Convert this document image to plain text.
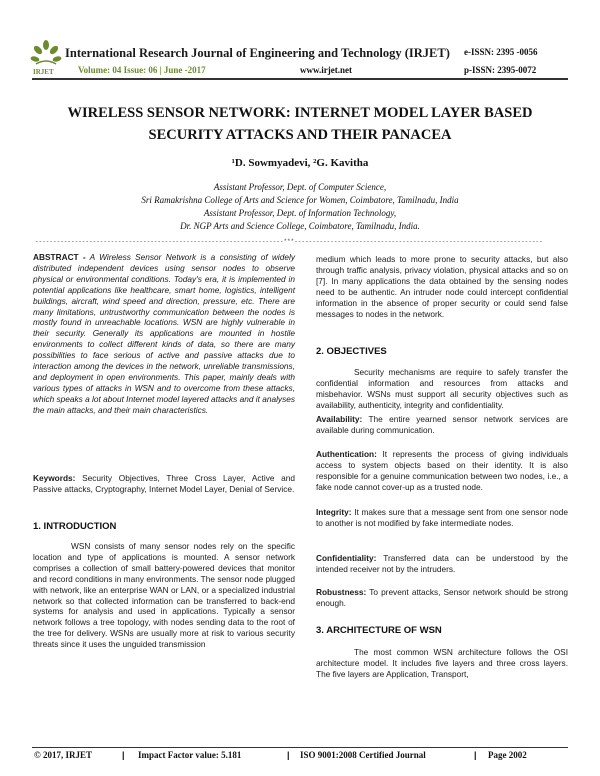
IRJET
International Research Journal of Engineering and Technology (IRJET)
Volume: 04 Issue: 06 | June -2017	www.irjet.net
e-ISSN: 2395 -0056
p-ISSN: 2395-0072
WIRELESS SENSOR NETWORK: INTERNET MODEL LAYER BASED
SECURITY ATTACKS AND THEIR PANACEA
¹D. Sowmyadevi, ²G. Kavitha
Assistant Professor, Dept. of Computer Science,
Sri Ramakrishna College of Arts and Science for Women, Coimbatore, Tamilnadu, India
Assistant Professor, Dept. of Information Technology,
Dr. NGP Arts and Science College, Coimbatore, Tamilnadu, India.
---------------------------------------------------------------------***---------------------------------------------------------------------
ABSTRACT - A Wireless Sensor Network is a consisting of widely distributed independent devices using sensor nodes to observe physical or environmental conditions. Today's era, it is implemented in potential applications like healthcare, smart home, logistics, intelligent buildings, aircraft, wind speed and direction, pressure, etc. There are many limitations, untrustworthy communication between the nodes is mostly found in unreachable locations. WSN are highly vulnerable in their security. Generally its applications are mounted in hostile environments to collect different kinds of data, so there are many possibilities to face serious of active and passive attacks due to interaction among the devices in the network, unreliable transmissions, and deployment in open environments. This paper, mainly deals with various types of attacks in WSN and to overcome from these attacks, which speaks a lot about Internet model layered attacks and it analyses the main attacks, and their main characteristics.
Keywords: Security Objectives, Three Cross Layer, Active and Passive attacks, Cryptography, Internet Model Layer, Denial of Service.
1. INTRODUCTION
WSN consists of many sensor nodes rely on the specific location and type of applications is mounted. A sensor network comprises a collection of small battery-powered devices that monitor and record conditions in many environments. The sensor node plugged with network, like an enterprise WAN or LAN, or a specialized industrial network so that collected information can be transferred to back-end systems for analysis and used in applications. Typically a sensor network follows a tree topology, with nodes sending data to the root of the tree for delivery. WSNs are usually more at risk to various security threats since it uses the unguided transmission
medium which leads to more prone to security attacks, but also through traffic analysis, privacy violation, physical attacks and so on [7]. In many applications the data obtained by the sensing nodes need to be authentic. An intruder node could intercept confidential information in the absence of proper security or could send false messages to nodes in the network.
2. OBJECTIVES
Security mechanisms are require to safely transfer the confidential information and resources from attacks and misbehavior. WSNs must support all security objectives such as availability, authenticity, integrity and confidentiality.
Availability: The entire yearned sensor network services are available during communication.
Authentication: It represents the process of giving individuals access to system objects based on their identity. It is also responsible for a genuine communication between two nodes, i.e., a fake node cannot cover-up as a trusted node.
Integrity: It makes sure that a message sent from one sensor node to another is not modified by fake intermediate nodes.
Confidentiality: Transferred data can be understood by the intended receiver not by the intruders.
Robustness: To prevent attacks, Sensor network should be strong enough.
3. ARCHITECTURE OF WSN
The most common WSN architecture follows the OSI architecture model. It includes five layers and three cross layers. The five layers are Application, Transport,
© 2017, IRJET	| Impact Factor value: 5.181	| ISO 9001:2008 Certified Journal	| Page 2002
